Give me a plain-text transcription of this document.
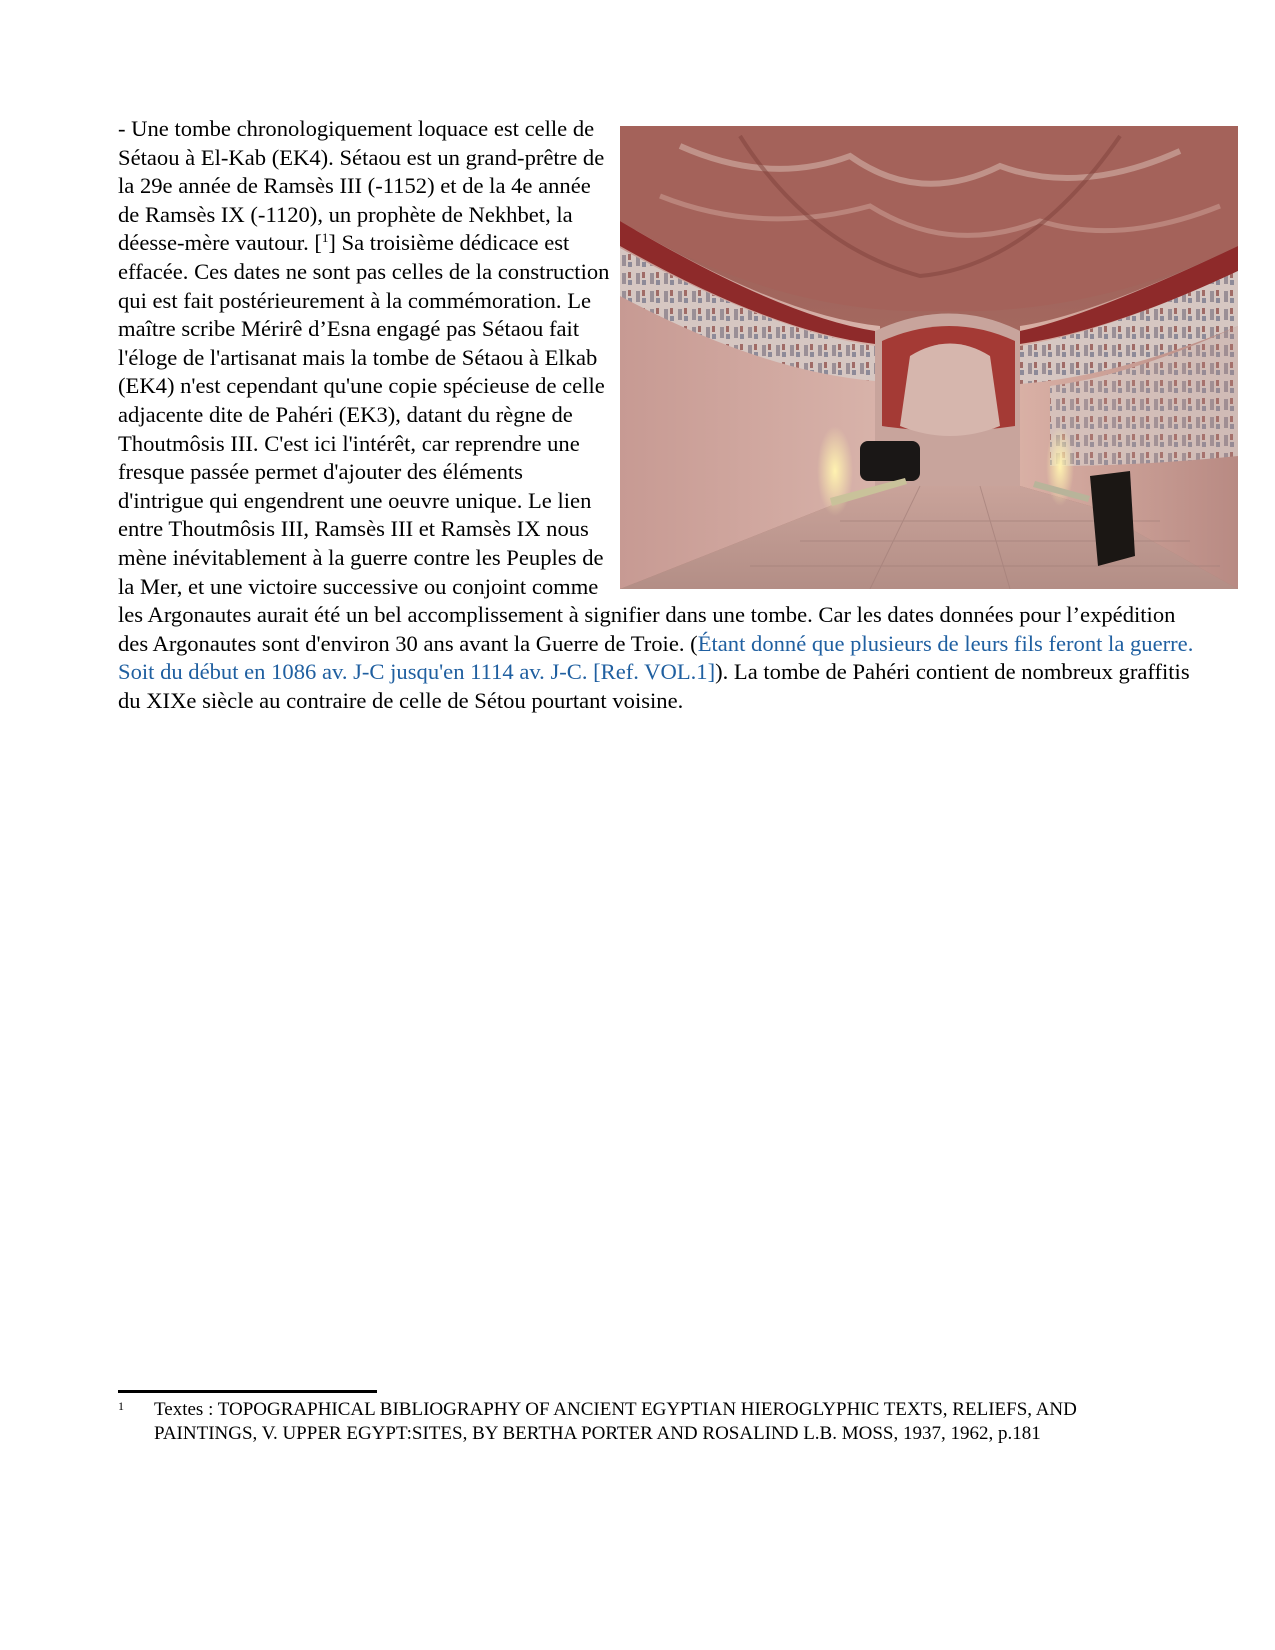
- Une tombe chronologiquement loquace est celle de Sétaou à El-Kab (EK4). Sétaou est un grand-prêtre de la 29e année de Ramsès III (-1152) et de la 4e année de Ramsès IX (-1120), un prophète de Nekhbet, la déesse-mère vautour. [$^1$] Sa troisième dédicace est effacée. Ces dates ne sont pas celles de la construction qui est fait postérieurement à la commémoration. Le maître scribe Mérirê d’Esna engagé pas Sétaou fait l'éloge de l'artisanat mais la tombe de Sétaou à Elkab (EK4) n'est cependant qu'une copie spécieuse de celle adjacente dite de Pahéri (EK3), datant du règne de Thoutmôsis III. C'est ici l'intérêt, car reprendre une fresque passée permet d'ajouter des éléments d'intrigue qui engendrent une oeuvre unique. Le lien entre Thoutmôsis III, Ramsès III et Ramsès IX nous mène inévitablement à la guerre contre les Peuples de la Mer, et une victoire successive ou conjoint comme les Argonautes aurait été un bel accomplissement à signifier dans une tombe. Car les dates données pour l’expédition des Argonautes sont d'environ 30 ans avant la Guerre de Troie. (Étant donné que plusieurs de leurs fils feront la guerre. Soit du début en 1086 av. J-C jusqu'en 1114 av. J-C. [Ref. VOL.1]). La tombe de Pahéri contient de nombreux graffitis du XIXe siècle au contraire de celle de Sétou pourtant voisine.

1 Textes : TOPOGRAPHICAL BIBLIOGRAPHY OF ANCIENT EGYPTIAN HIEROGLYPHIC TEXTS, RELIEFS, AND PAINTINGS, V. UPPER EGYPT:SITES, BY BERTHA PORTER AND ROSALIND L.B. MOSS, 1937, 1962, p.181
